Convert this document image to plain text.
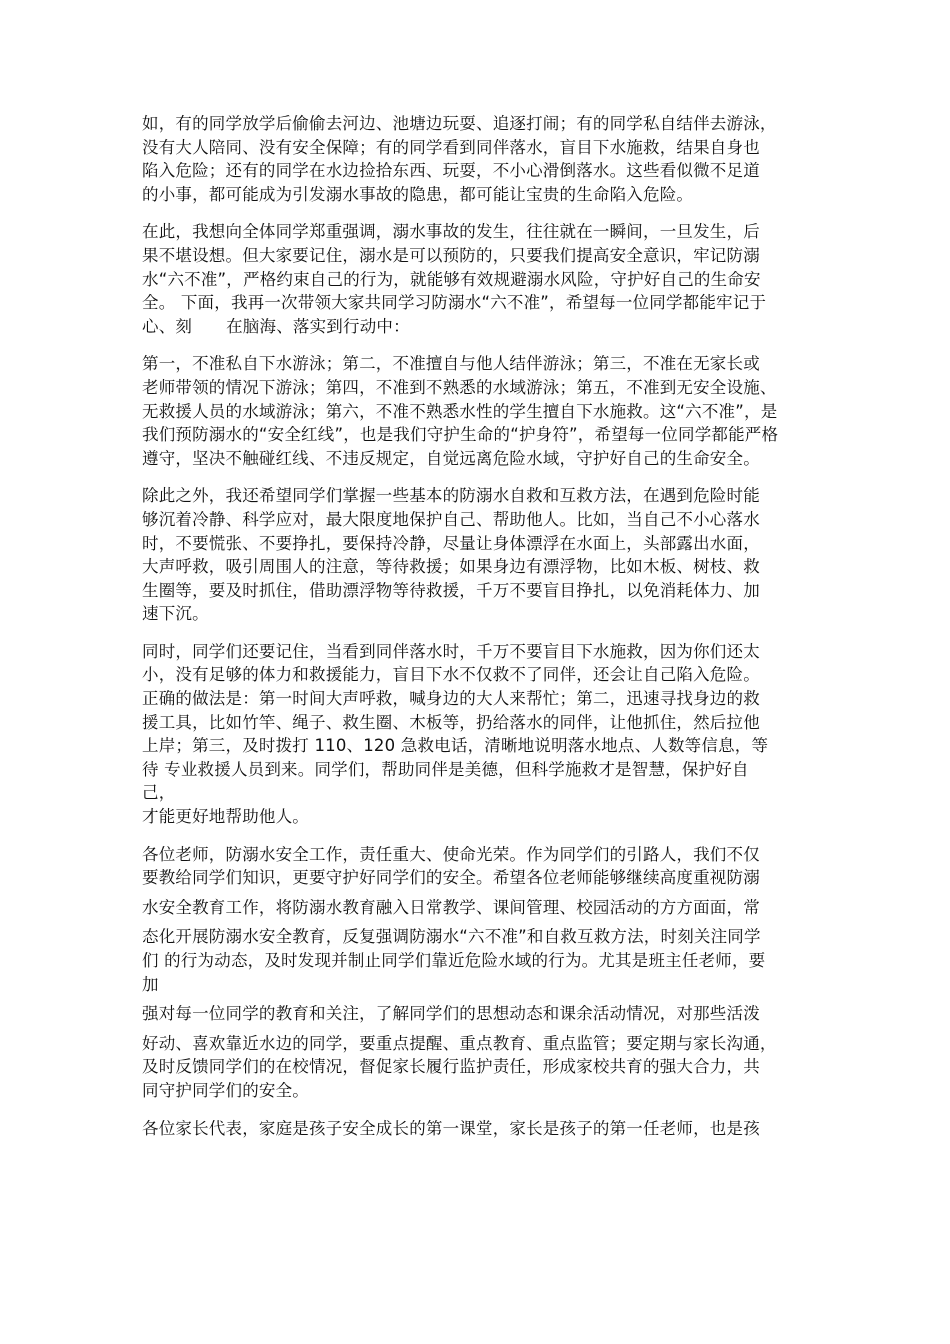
如，有的同学放学后偷偷去河边、池塘边玩耍、追逐打闹；有的同学私自结伴去游泳，
没有大人陪同、没有安全保障；有的同学看到同伴落水，盲目下水施救，结果自身也
陷入危险；还有的同学在水边捡拾东西、玩耍，不小心滑倒落水。这些看似微不足道
的小事，都可能成为引发溺水事故的隐患，都可能让宝贵的生命陷入危险。
在此，我想向全体同学郑重强调，溺水事故的发生，往往就在一瞬间，一旦发生，后
果不堪设想。但大家要记住，溺水是可以预防的，只要我们提高安全意识，牢记防溺
水“六不准”，严格约束自己的行为，就能够有效规避溺水风险，守护好自己的生命安
全。 下面，我再一次带领大家共同学习防溺水“六不准”，希望每一位同学都能牢记于
心、刻 在脑海、落实到行动中：
第一，不准私自下水游泳；第二，不准擅自与他人结伴游泳；第三，不准在无家长或
老师带领的情况下游泳；第四，不准到不熟悉的水域游泳；第五，不准到无安全设施、
无救援人员的水域游泳；第六，不准不熟悉水性的学生擅自下水施救。这“六不准”，是
我们预防溺水的“安全红线”，也是我们守护生命的“护身符”，希望每一位同学都能严格
遵守，坚决不触碰红线、不违反规定，自觉远离危险水域，守护好自己的生命安全。
除此之外，我还希望同学们掌握一些基本的防溺水自救和互救方法，在遇到危险时能
够沉着冷静、科学应对，最大限度地保护自己、帮助他人。比如，当自己不小心落水
时，不要慌张、不要挣扎，要保持冷静，尽量让身体漂浮在水面上，头部露出水面，
大声呼救，吸引周围人的注意，等待救援；如果身边有漂浮物，比如木板、树枝、救
生圈等，要及时抓住，借助漂浮物等待救援，千万不要盲目挣扎，以免消耗体力、加
速下沉。
同时，同学们还要记住，当看到同伴落水时，千万不要盲目下水施救，因为你们还太
小，没有足够的体力和救援能力，盲目下水不仅救不了同伴，还会让自己陷入危险。
正确的做法是：第一时间大声呼救，喊身边的大人来帮忙；第二，迅速寻找身边的救
援工具，比如竹竿、绳子、救生圈、木板等，扔给落水的同伴，让他抓住，然后拉他
上岸；第三，及时拨打 110、120 急救电话，清晰地说明落水地点、人数等信息，等
待 专业救援人员到来。同学们，帮助同伴是美德，但科学施救才是智慧，保护好自
己，
才能更好地帮助他人。
各位老师，防溺水安全工作，责任重大、使命光荣。作为同学们的引路人，我们不仅
要教给同学们知识，更要守护好同学们的安全。希望各位老师能够继续高度重视防溺
水安全教育工作，将防溺水教育融入日常教学、课间管理、校园活动的方方面面，常
态化开展防溺水安全教育，反复强调防溺水“六不准”和自救互救方法，时刻关注同学
们 的行为动态，及时发现并制止同学们靠近危险水域的行为。尤其是班主任老师，要
加
强对每一位同学的教育和关注，了解同学们的思想动态和课余活动情况，对那些活泼
好动、喜欢靠近水边的同学，要重点提醒、重点教育、重点监管；要定期与家长沟通，
及时反馈同学们的在校情况，督促家长履行监护责任，形成家校共育的强大合力，共
同守护同学们的安全。
各位家长代表，家庭是孩子安全成长的第一课堂，家长是孩子的第一任老师，也是孩
